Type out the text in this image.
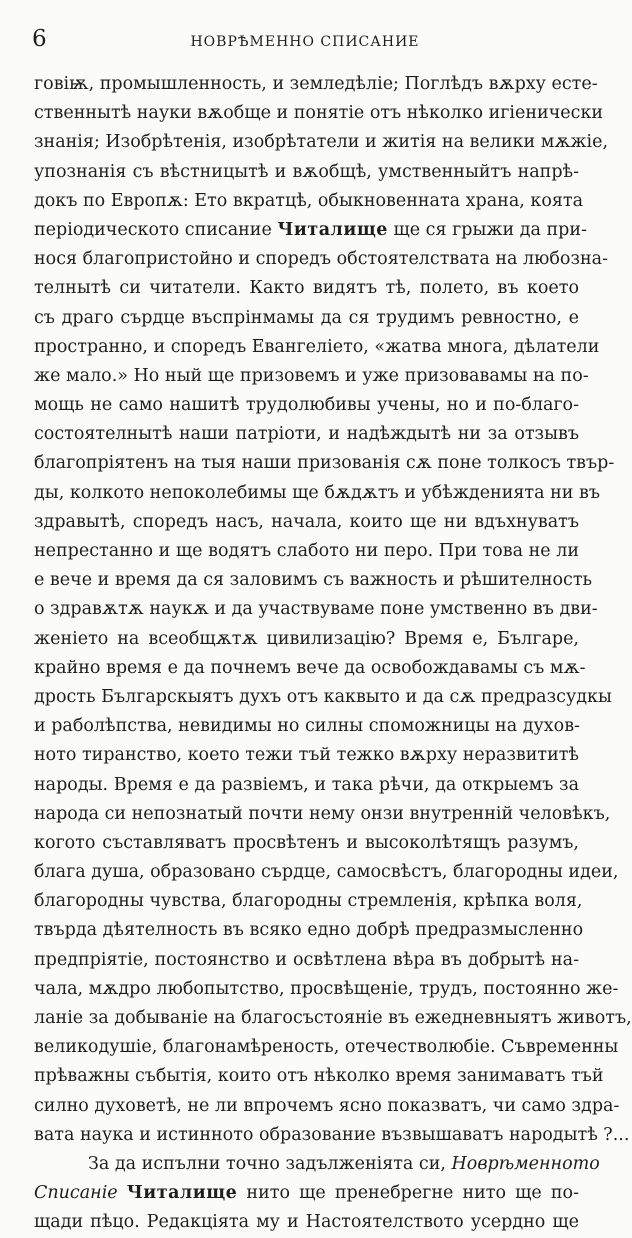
6	НОВРѢМЕННО СПИСАНИЕ
говіѭ, промышленность, и земледѣліе; Поглѣдъ вѫрху есте-
ственнытѣ науки вѫобще и понятіе отъ нѣколко игіенически
знанія; Изобрѣтенія, изобрѣтатели и житія на велики мѫжіе,
упознанія съ вѣстницытѣ и вѫобщѣ, умственныйтъ напрѣ-
докъ по Европѫ: Ето вкратцѣ, обыкновенната храна, коята
періодическото списание Читалище ще ся грыжи да при-
нося благопристойно и споредъ обстоятелствата на любознa-
телнытѣ си читатели. Както видятъ тѣ, полето, въ което
съ драго сърдце въспрінмамы да ся трудимъ ревностно, е
пространно, и споредъ Евангеліето, «жатва многа, дѣлатели
же мало.» Но ный ще призовемъ и уже призовавамы на по-
мощь не само нашитѣ трудолюбивы учены, но и по-благо-
состоятелнытѣ наши патріоти, и надѣждытѣ ни за отзывъ
благопріятенъ на тыя наши призованія сѫ поне толкосъ твър-
ды, колкото непоколебимы ще бѫдѫтъ и убѣжденията ни въ
здравытѣ, споредъ насъ, начала, които ще ни вдъхнуватъ
непрестанно и ще водятъ слабото ни перо. При това не ли
е вече и время да ся заловимъ съ важность и рѣшителность
о здравѫтѫ наукѫ и да участвуваме поне умственно въ дви-
женіето на всеобщѫтѫ цивилизацію? Время е, Българе,
крайно время е да почнемъ вече да освобождавамы съ мѫ-
дрость Българскыятъ духъ отъ каквыто и да сѫ предразсудкы
и раболѣпства, невидимы но силны споможницы на духов-
ното тиранство, което тежи тъй тежко вѫрху неразвититѣ
народы. Время е да развіемъ, и така рѣчи, да открыемъ за
народа си непознатый почти нему онзи внутренній человѣкъ,
когото съставляватъ просвѣтенъ и высоколѣтящъ разумъ,
блага душа, образовано сърдце, самосвѣстъ, благородны идеи,
благородны чувства, благородны стремленія, крѣпка воля,
твърда дѣятелность въ всяко едно добрѣ предразмысленно
предпріятіе, постоянство и освѣтлена вѣра въ добрытѣ на-
чала, мѫдро любопытство, просвѣщеніе, трудъ, постоянно же-
ланіе за добываніе на благосъстояніе въ ежедневныятъ животъ,
великодушіе, благонамѣреность, отечестволюбіе. Съвременны
прѣважны събытія, които отъ нѣколко время занимаватъ тъй
силно духоветѣ, не ли впрочемъ ясно показватъ, чи само здра-
вата наука и истинното образование възвышаватъ народытѣ ?...
За да испълни точно задълженіята си, Новрѣменното
Списаніе Читалище нито ще пренебрегне нито ще по-
щади пѣцо. Редакціята му и Настоятелството усердно ще
